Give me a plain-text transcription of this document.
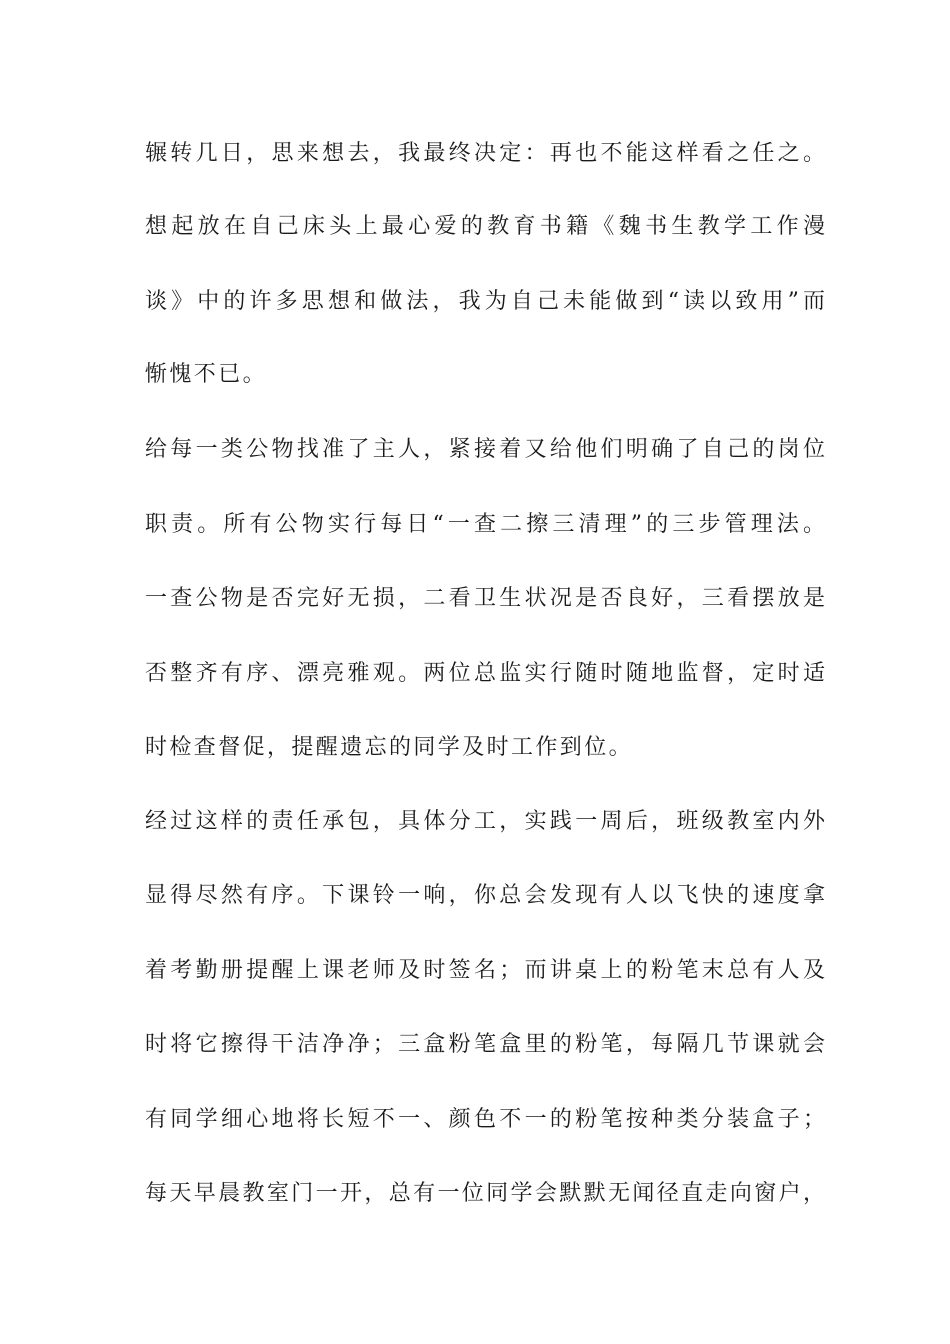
辗转几日，思来想去，我最终决定：再也不能这样看之任之。
想起放在自己床头上最心爱的教育书籍《魏书生教学工作漫
谈》中的许多思想和做法，我为自己未能做到“读以致用”而
惭愧不已。
给每一类公物找准了主人，紧接着又给他们明确了自己的岗位
职责。所有公物实行每日“一查二擦三清理”的三步管理法。
一查公物是否完好无损，二看卫生状况是否良好，三看摆放是
否整齐有序、漂亮雅观。两位总监实行随时随地监督，定时适
时检查督促，提醒遗忘的同学及时工作到位。
经过这样的责任承包，具体分工，实践一周后，班级教室内外
显得尽然有序。下课铃一响，你总会发现有人以飞快的速度拿
着考勤册提醒上课老师及时签名；而讲桌上的粉笔末总有人及
时将它擦得干洁净净；三盒粉笔盒里的粉笔，每隔几节课就会
有同学细心地将长短不一、颜色不一的粉笔按种类分装盒子；
每天早晨教室门一开，总有一位同学会默默无闻径直走向窗户，
